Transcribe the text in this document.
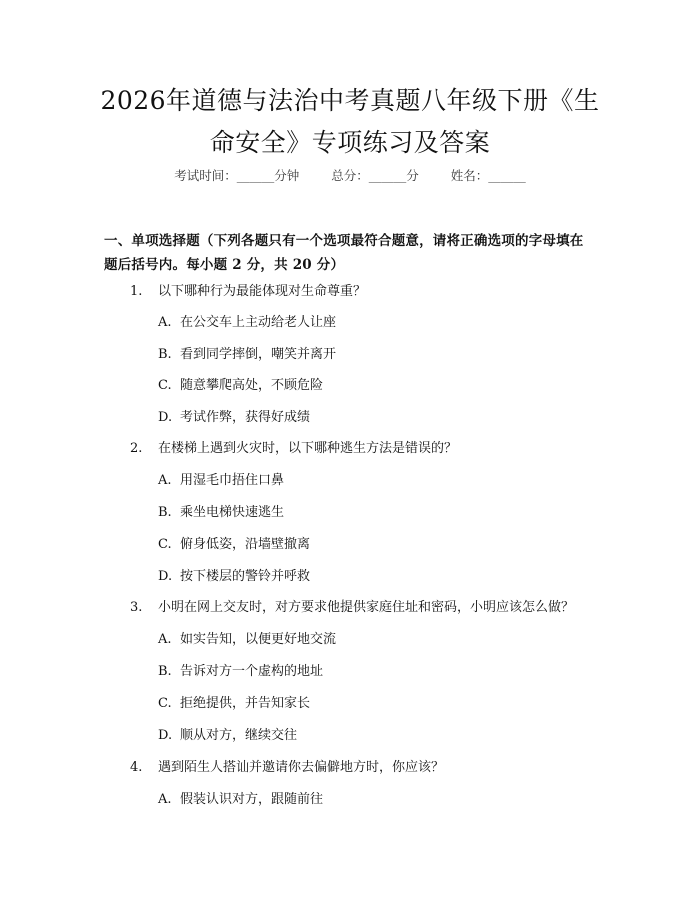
2026年道德与法治中考真题八年级下册《生
命安全》专项练习及答案
考试时间：______分钟	总分：______分	姓名：______
一、单项选择题（下列各题只有一个选项最符合题意，请将正确选项的字母填在
题后括号内。每小题 2 分，共 20 分）
1. 以下哪种行为最能体现对生命尊重？
A. 在公交车上主动给老人让座
B. 看到同学摔倒，嘲笑并离开
C. 随意攀爬高处，不顾危险
D. 考试作弊，获得好成绩
2. 在楼梯上遇到火灾时，以下哪种逃生方法是错误的？
A. 用湿毛巾捂住口鼻
B. 乘坐电梯快速逃生
C. 俯身低姿，沿墙壁撤离
D. 按下楼层的警铃并呼救
3. 小明在网上交友时，对方要求他提供家庭住址和密码，小明应该怎么做？
A. 如实告知，以便更好地交流
B. 告诉对方一个虚构的地址
C. 拒绝提供，并告知家长
D. 顺从对方，继续交往
4. 遇到陌生人搭讪并邀请你去偏僻地方时，你应该？
A. 假装认识对方，跟随前往
